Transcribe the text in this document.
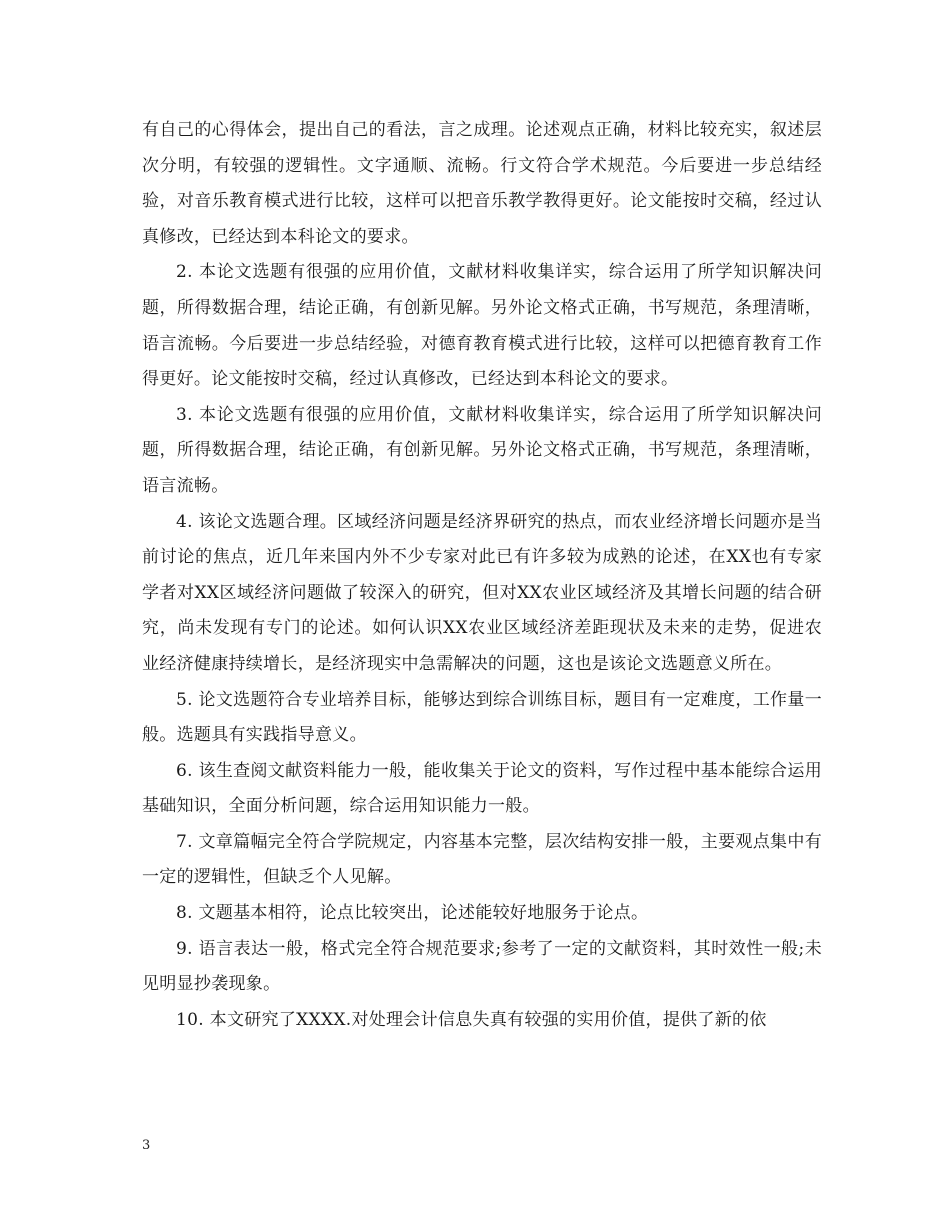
有自己的心得体会，提出自己的看法，言之成理。论述观点正确，材料比较充实，叙述层次分明，有较强的逻辑性。文字通顺、流畅。行文符合学术规范。今后要进一步总结经验，对音乐教育模式进行比较，这样可以把音乐教学教得更好。论文能按时交稿，经过认真修改，已经达到本科论文的要求。

2. 本论文选题有很强的应用价值，文献材料收集详实，综合运用了所学知识解决问题，所得数据合理，结论正确，有创新见解。另外论文格式正确，书写规范，条理清晰，语言流畅。今后要进一步总结经验，对德育教育模式进行比较，这样可以把德育教育工作得更好。论文能按时交稿，经过认真修改，已经达到本科论文的要求。

3. 本论文选题有很强的应用价值，文献材料收集详实，综合运用了所学知识解决问题，所得数据合理，结论正确，有创新见解。另外论文格式正确，书写规范，条理清晰，语言流畅。

4. 该论文选题合理。区域经济问题是经济界研究的热点，而农业经济增长问题亦是当前讨论的焦点，近几年来国内外不少专家对此已有许多较为成熟的论述，在XX也有专家学者对XX区域经济问题做了较深入的研究，但对XX农业区域经济及其增长问题的结合研究，尚未发现有专门的论述。如何认识XX农业区域经济差距现状及未来的走势，促进农业经济健康持续增长，是经济现实中急需解决的问题，这也是该论文选题意义所在。

5. 论文选题符合专业培养目标，能够达到综合训练目标，题目有一定难度，工作量一般。选题具有实践指导意义。

6. 该生查阅文献资料能力一般，能收集关于论文的资料，写作过程中基本能综合运用基础知识，全面分析问题，综合运用知识能力一般。

7. 文章篇幅完全符合学院规定，内容基本完整，层次结构安排一般，主要观点集中有一定的逻辑性，但缺乏个人见解。

8. 文题基本相符，论点比较突出，论述能较好地服务于论点。

9. 语言表达一般，格式完全符合规范要求;参考了一定的文献资料，其时效性一般;未见明显抄袭现象。

10. 本文研究了XXXX.对处理会计信息失真有较强的实用价值，提供了新的依

3
